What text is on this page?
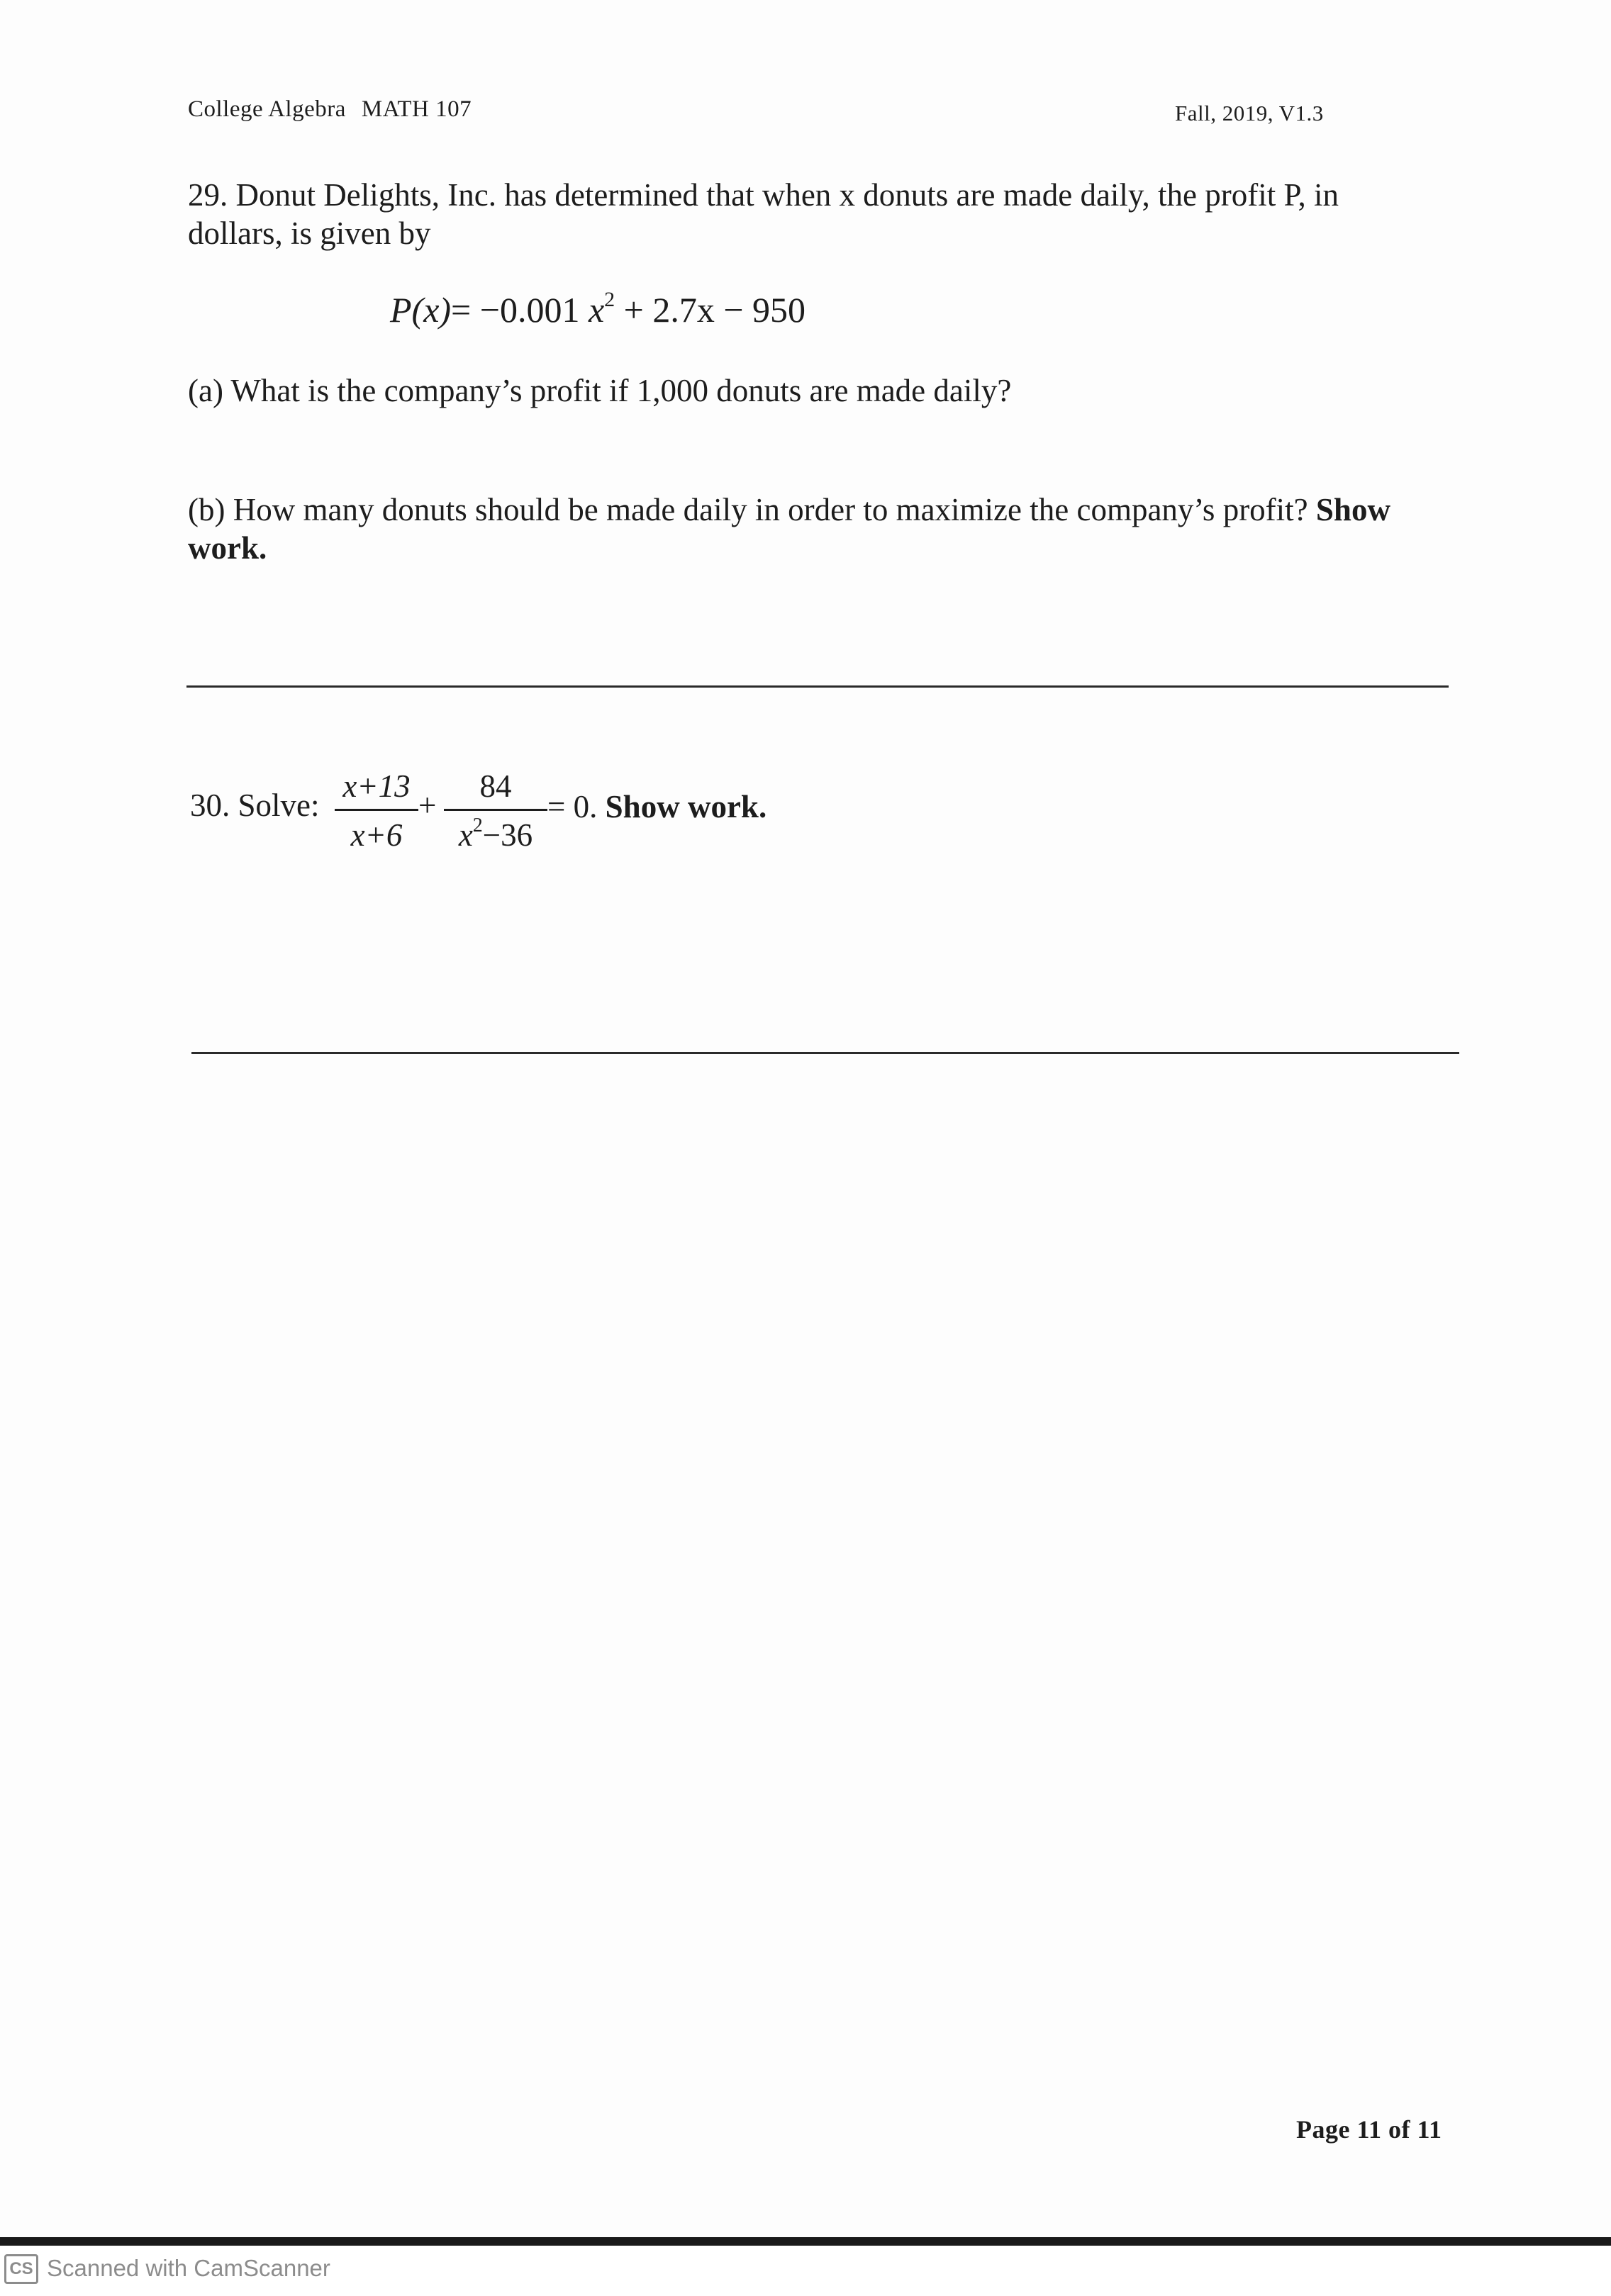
College Algebra MATH 107	Fall, 2019, V1.3
29. Donut Delights, Inc. has determined that when x donuts are made daily, the profit P, in dollars, is given by
P(x)= −0.001 $x^2 + 2.7x - 950$
(a) What is the company’s profit if 1,000 donuts are made daily?
(b) How many donuts should be made daily in order to maximize the company’s profit? Show work.
30. Solve:
x+13
x+6
+
84
$x^2-36$
= 0. Show work.
Page 11 of 11
CS Scanned with CamScanner
